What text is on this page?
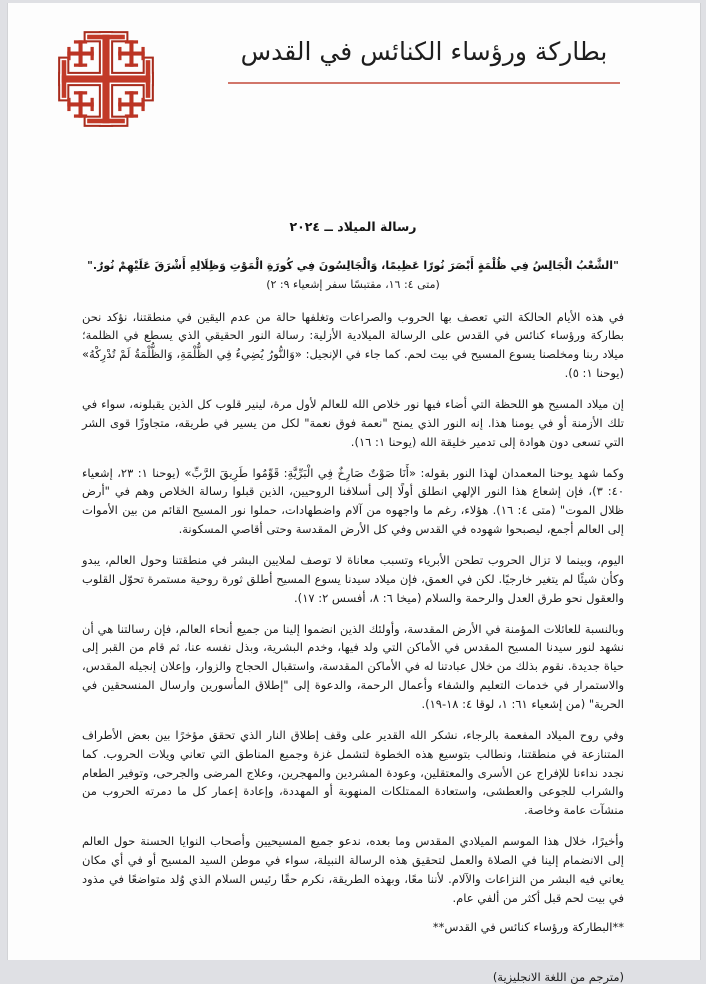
بطاركة ورؤساء الكنائس في القدس
رسالة الميلاد ــ ٢٠٢٤
"الشَّعْبُ الْجَالِسُ فِي ظُلْمَةٍ أَبْصَرَ نُورًا عَظِيمًا، وَالْجَالِسُونَ فِي كُورَةِ الْمَوْتِ وَظِلَالِهِ أَشْرَقَ عَلَيْهِمْ نُورٌ."
(متى ٤: ١٦، مقتبسًا سفر إشعياء ٩: ٢)

في هذه الأيام الحالكة التي تعصف بها الحروب والصراعات وتغلفها حالة من عدم اليقين في منطقتنا، نؤكد نحن بطاركة ورؤساء كنائس في القدس على الرسالة الميلادية الأزلية: رسالة النور الحقيقي الذي يسطع في الظلمة؛ ميلاد ربنا ومخلصنا يسوع المسيح في بيت لحم. كما جاء في الإنجيل: «وَالنُّورُ يُضِيءُ فِي الظُّلْمَةِ، وَالظُّلْمَةُ لَمْ تُدْرِكْهُ» (يوحنا ١: ٥).

إن ميلاد المسيح هو اللحظة التي أضاء فيها نور خلاص الله للعالم لأول مرة، لينير قلوب كل الذين يقبلونه، سواء في تلك الأزمنة أو في يومنا هذا. إنه النور الذي يمنح "نعمة فوق نعمة" لكل من يسير في طريقه، متجاوزًا قوى الشر التي تسعى دون هوادة إلى تدمير خليقة الله (يوحنا ١: ١٦).

وكما شهد يوحنا المعمدان لهذا النور بقوله: «أَنَا صَوْتٌ صَارِخٌ فِي الْبَرِّيَّةِ: قَوِّمُوا طَرِيقَ الرَّبِّ» (يوحنا ١: ٢٣، إشعياء ٤٠: ٣)، فإن إشعاع هذا النور الإلهي انطلق أولًا إلى أسلافنا الروحيين، الذين قبلوا رسالة الخلاص وهم في "أرض ظلال الموت" (متى ٤: ١٦). هؤلاء، رغم ما واجهوه من آلام واضطهادات، حملوا نور المسيح القائم من بين الأموات إلى العالم أجمع، ليصبحوا شهوده في القدس وفي كل الأرض المقدسة وحتى أقاصي المسكونة.

اليوم، وبينما لا تزال الحروب تطحن الأبرياء وتسبب معاناة لا توصف لملايين البشر في منطقتنا وحول العالم، يبدو وكأن شيئًا لم يتغير خارجيًا. لكن في العمق، فإن ميلاد سيدنا يسوع المسيح أطلق ثورة روحية مستمرة تحوّل القلوب والعقول نحو طرق العدل والرحمة والسلام (ميخا ٦: ٨، أفسس ٢: ١٧).

وبالنسبة للعائلات المؤمنة في الأرض المقدسة، وأولئك الذين انضموا إلينا من جميع أنحاء العالم، فإن رسالتنا هي أن نشهد لنور سيدنا المسيح المقدس في الأماكن التي ولد فيها، وخدم البشرية، وبذل نفسه عنا، ثم قام من القبر إلى حياة جديدة. نقوم بذلك من خلال عبادتنا له في الأماكن المقدسة، واستقبال الحجاج والزوار، وإعلان إنجيله المقدس، والاستمرار في خدمات التعليم والشفاء وأعمال الرحمة، والدعوة إلى "إطلاق المأسورين وارسال المنسحقين في الحرية" (من إشعياء ٦١: ١، لوقا ٤: ١٨-١٩).

وفي روح الميلاد المفعمة بالرجاء، نشكر الله القدير على وقف إطلاق النار الذي تحقق مؤخرًا بين بعض الأطراف المتنازعة في منطقتنا، ونطالب بتوسيع هذه الخطوة لتشمل غزة وجميع المناطق التي تعاني ويلات الحروب. كما نجدد نداءنا للإفراج عن الأسرى والمعتقلين، وعودة المشردين والمهجرين، وعلاج المرضى والجرحى، وتوفير الطعام والشراب للجوعى والعطشى، واستعادة الممتلكات المنهوبة أو المهددة، وإعادة إعمار كل ما دمرته الحروب من منشآت عامة وخاصة.

وأخيرًا، خلال هذا الموسم الميلادي المقدس وما بعده، ندعو جميع المسيحيين وأصحاب النوايا الحسنة حول العالم إلى الانضمام إلينا في الصلاة والعمل لتحقيق هذه الرسالة النبيلة، سواء في موطن السيد المسيح أو في أي مكان يعاني فيه البشر من النزاعات والآلام. لأننا معًا، وبهذه الطريقة، نكرم حقًا رئيس السلام الذي وُلد متواضعًا في مذود في بيت لحم قبل أكثر من ألفي عام.

**البطاركة ورؤساء كنائس في القدس**
(مترجم من اللغة الانجليزية)
